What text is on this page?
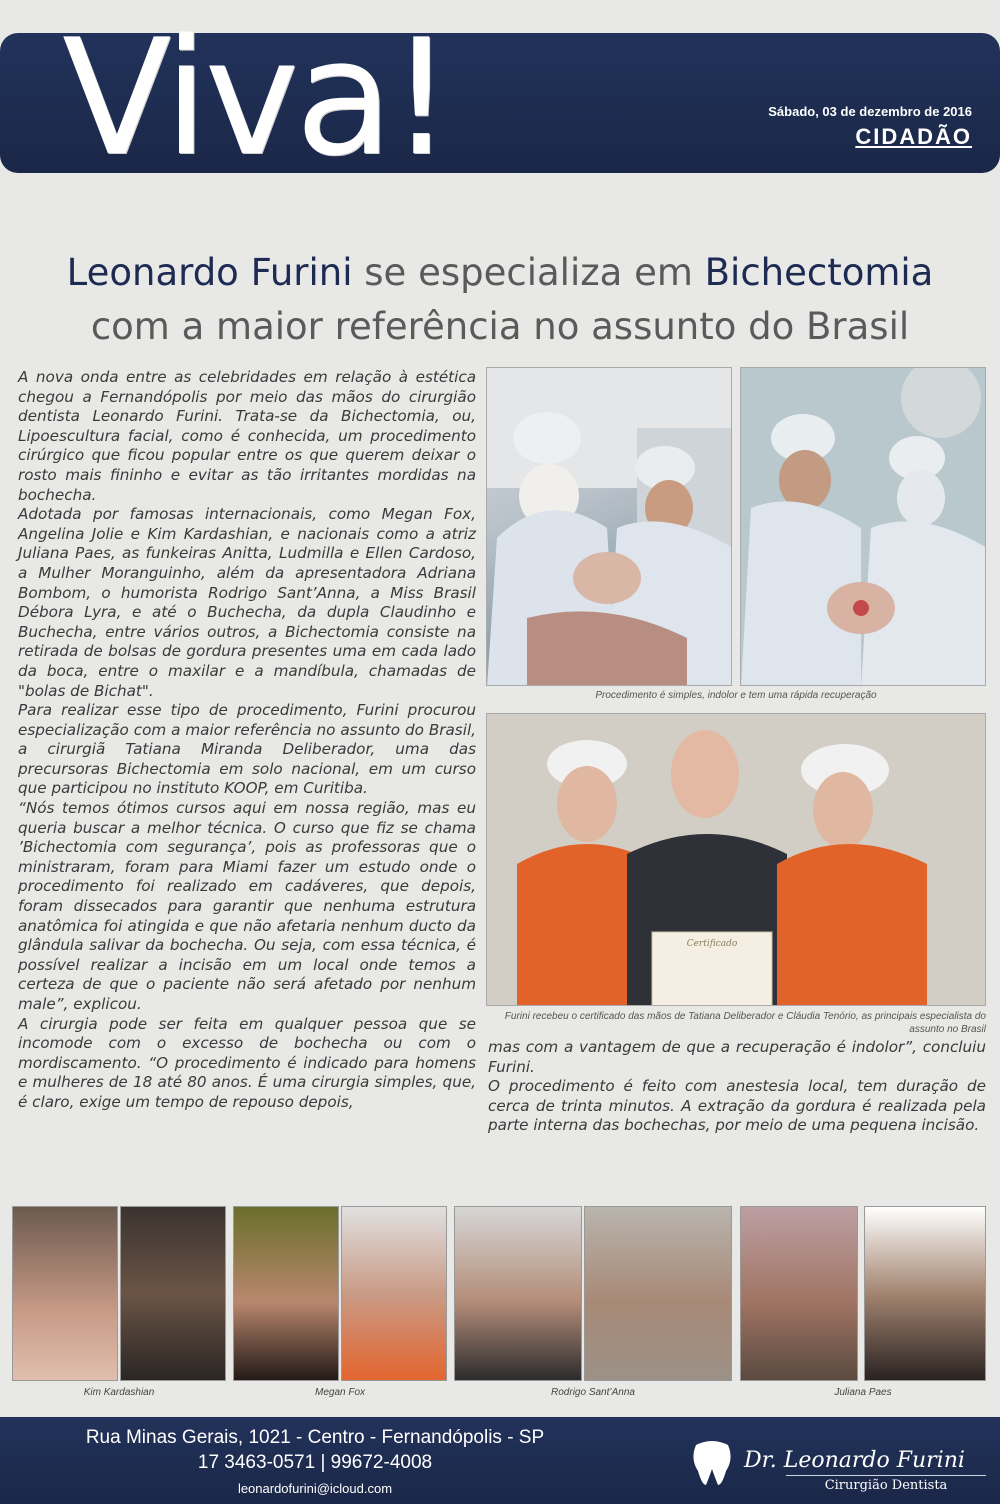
Viva!	Sábado, 03 de dezembro de 2016
CIDADÃO
Leonardo Furini se especializa em Bichectomia
com a maior referência no assunto do Brasil

A nova onda entre as celebridades em relação à estética chegou a Fernandópolis por meio das mãos do cirurgião dentista Leonardo Furini. Trata-se da Bichectomia, ou, Lipoescultura facial, como é conhecida, um procedimento cirúrgico que ficou popular entre os que querem deixar o rosto mais fininho e evitar as tão irritantes mordidas na bochecha.

Adotada por famosas internacionais, como Megan Fox, Angelina Jolie e Kim Kardashian, e nacionais como a atriz Juliana Paes, as funkeiras Anitta, Ludmilla e Ellen Cardoso, a Mulher Moranguinho, além da apresentadora Adriana Bombom, o humorista Rodrigo Sant’Anna, a Miss Brasil Débora Lyra, e até o Buchecha, da dupla Claudinho e Buchecha, entre vários outros, a Bichectomia consiste na retirada de bolsas de gordura presentes uma em cada lado da boca, entre o maxilar e a mandíbula, chamadas de "bolas de Bichat".

Para realizar esse tipo de procedimento, Furini procurou especialização com a maior referência no assunto do Brasil, a cirurgiã Tatiana Miranda Deliberador, uma das precursoras Bichectomia em solo nacional, em um curso que participou no instituto KOOP, em Curitiba.

“Nós temos ótimos cursos aqui em nossa região, mas eu queria buscar a melhor técnica. O curso que fiz se chama ’Bichectomia com segurança’, pois as professoras que o ministraram, foram para Miami fazer um estudo onde o procedimento foi realizado em cadáveres, que depois, foram dissecados para garantir que nenhuma estrutura anatômica foi atingida e que não afetaria nenhum ducto da glândula salivar da bochecha. Ou seja, com essa técnica, é possível realizar a incisão em um local onde temos a certeza de que o paciente não será afetado por nenhum male”, explicou.

A cirurgia pode ser feita em qualquer pessoa que se incomode com o excesso de bochecha ou com o mordiscamento. “O procedimento é indicado para homens e mulheres de 18 até 80 anos. É uma cirurgia simples, que, é claro, exige um tempo de repouso depois,

Procedimento é simples, indolor e tem uma rápida recuperação
Certificado
Furini recebeu o certificado das mãos de Tatiana Deliberador e Cláudia Tenório, as principais especialista do assunto no Brasil

mas com a vantagem de que a recuperação é indolor”, concluiu Furini.

O procedimento é feito com anestesia local, tem duração de cerca de trinta minutos. A extração da gordura é realizada pela parte interna das bochechas, por meio de uma pequena incisão.

Kim Kardashian	Megan Fox	Rodrigo Sant’Anna	Juliana Paes
Rua Minas Gerais, 1021 - Centro - Fernandópolis - SP
17 3463-0571 | 99672-4008
leonardofurini@icloud.com
Dr. Leonardo Furini
Cirurgião Dentista
